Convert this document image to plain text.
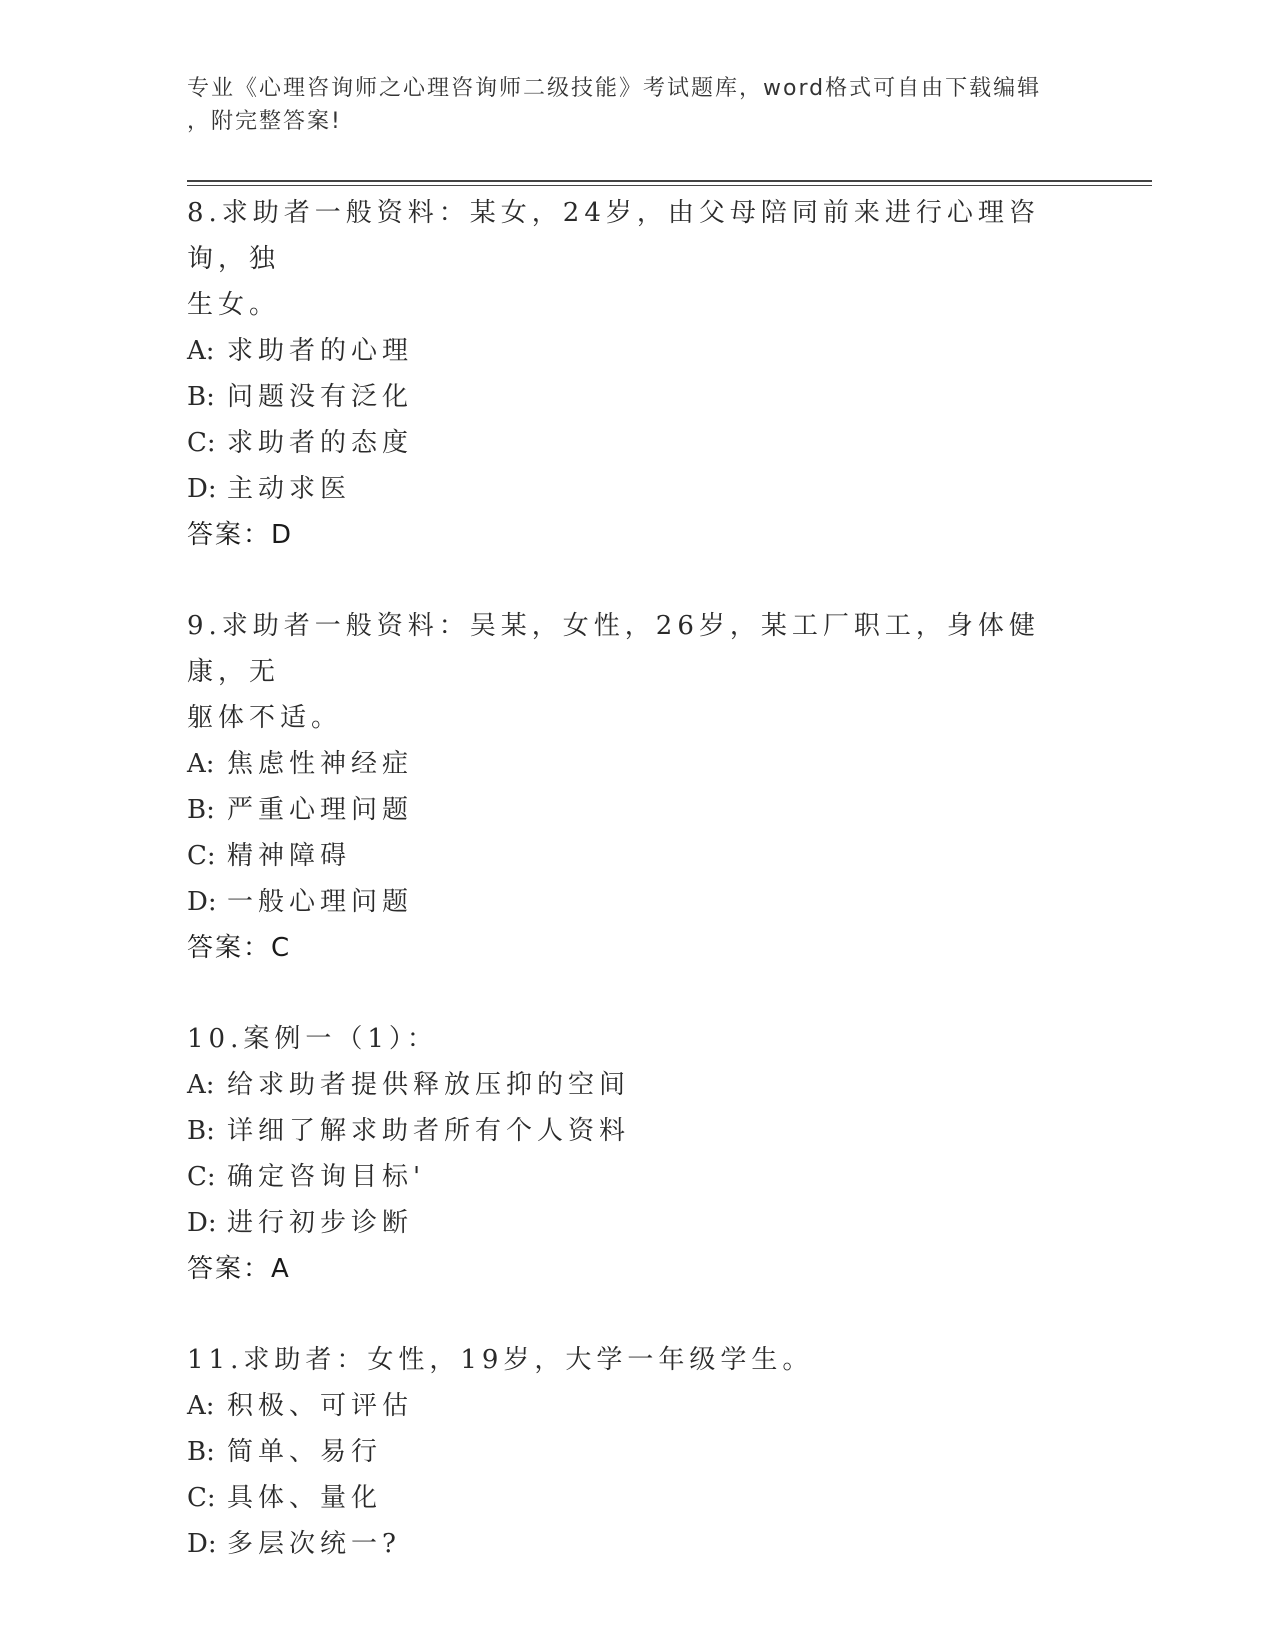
专业《心理咨询师之心理咨询师二级技能》考试题库，word格式可自由下载编辑
，附完整答案!
8.求助者一般资料：某女，24岁，由父母陪同前来进行心理咨询，独
生女。
A: 求助者的心理
B: 问题没有泛化
C: 求助者的态度
D: 主动求医
答案：D
9.求助者一般资料：吴某，女性，26岁，某工厂职工，身体健康，无
躯体不适。
A: 焦虑性神经症
B: 严重心理问题
C: 精神障碍
D: 一般心理问题
答案：C
10.案例一（1）：
A: 给求助者提供释放压抑的空间
B: 详细了解求助者所有个人资料
C: 确定咨询目标'
D: 进行初步诊断
答案：A
11.求助者：女性，19岁，大学一年级学生。
A: 积极、可评估
B: 简单、易行
C: 具体、量化
D: 多层次统一?
